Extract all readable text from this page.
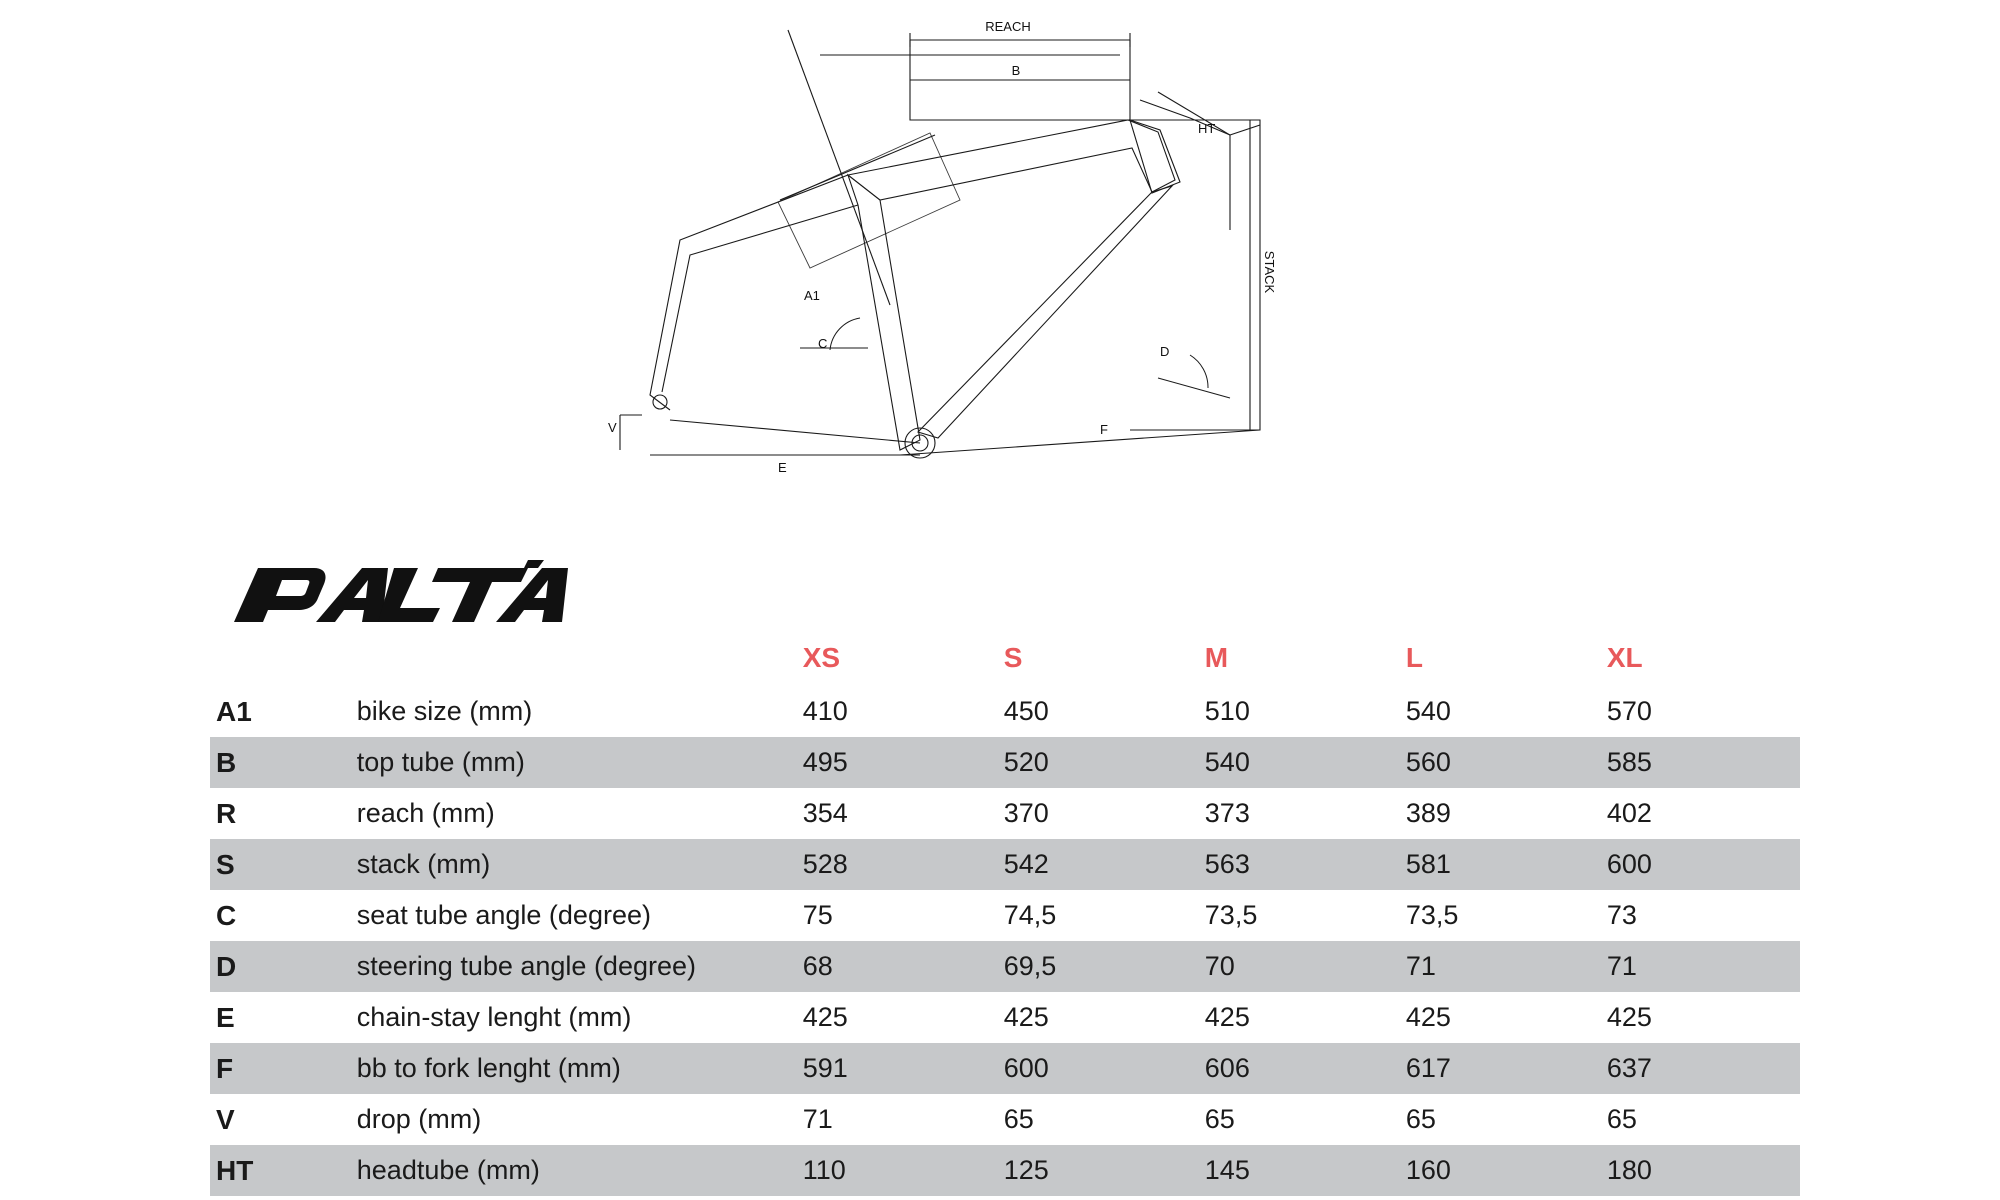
REACH
B
HT
STACK
A1
C
D
F
E
V
		XS	S	M	L	XL
A1	bike size (mm)	410	450	510	540	570
B	top tube (mm)	495	520	540	560	585
R	reach (mm)	354	370	373	389	402
S	stack (mm)	528	542	563	581	600
C	seat tube angle (degree)	75	74,5	73,5	73,5	73
D	steering tube angle (degree)	68	69,5	70	71	71
E	chain-stay lenght (mm)	425	425	425	425	425
F	bb to fork lenght (mm)	591	600	606	617	637
V	drop (mm)	71	65	65	65	65
HT	headtube (mm)	110	125	145	160	180
